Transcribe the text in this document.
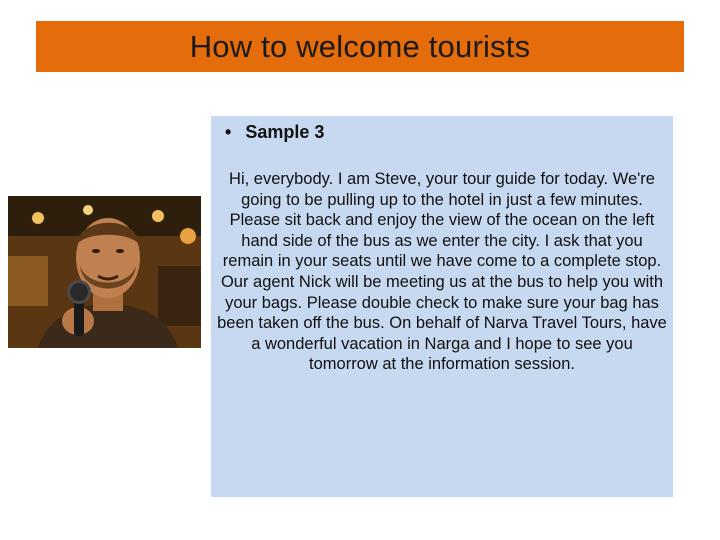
How to welcome tourists
• Sample 3
Hi, everybody. I am Steve, your tour guide for today. We're going to be pulling up to the hotel in just a few minutes. Please sit back and enjoy the view of the ocean on the left hand side of the bus as we enter the city. I ask that you remain in your seats until we have come to a complete stop. Our agent Nick will be meeting us at the bus to help you with your bags. Please double check to make sure your bag has been taken off the bus. On behalf of Narva Travel Tours, have a wonderful vacation in Narga and I hope to see you tomorrow at the information session.
